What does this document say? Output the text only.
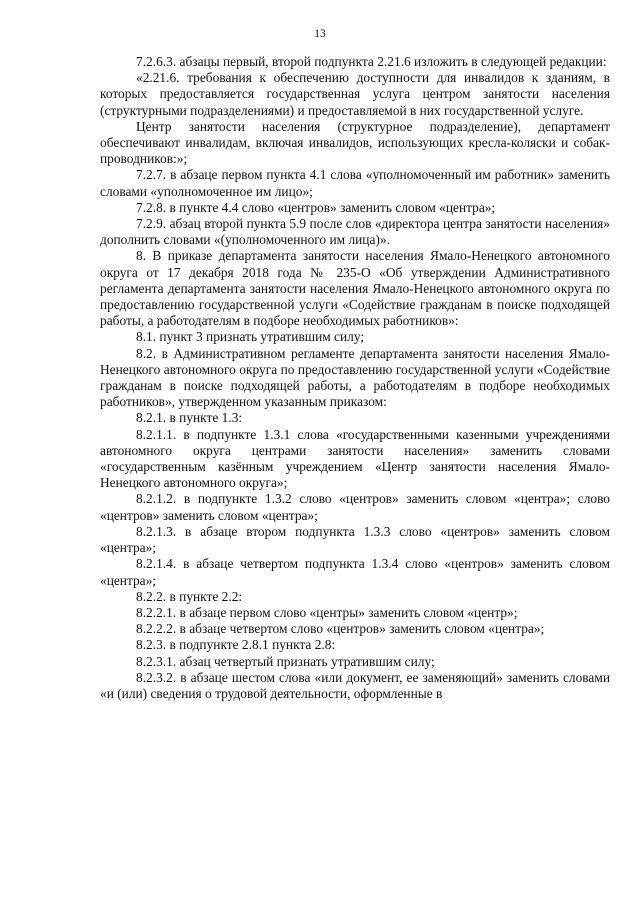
13

7.2.6.3. абзацы первый, второй подпункта 2.21.6 изложить в следующей редакции:

«2.21.6. требования к обеспечению доступности для инвалидов к зданиям, в которых предоставляется государственная услуга центром занятости населения (структурными подразделениями) и предоставляемой в них государственной услуге.

Центр занятости населения (структурное подразделение), департамент обеспечивают инвалидам, включая инвалидов, использующих кресла-коляски и собак-проводников:»;

7.2.7. в абзаце первом пункта 4.1 слова «уполномоченный им работник» заменить словами «уполномоченное им лицо»;

7.2.8. в пункте 4.4 слово «центров» заменить словом «центра»;

7.2.9. абзац второй пункта 5.9 после слов «директора центра занятости населения» дополнить словами «(уполномоченного им лица)».

8. В приказе департамента занятости населения Ямало-Ненецкого автономного округа от 17 декабря 2018 года № 235-О «Об утверждении Административного регламента департамента занятости населения Ямало-Ненецкого автономного округа по предоставлению государственной услуги «Содействие гражданам в поиске подходящей работы, а работодателям в подборе необходимых работников»:

8.1. пункт 3 признать утратившим силу;

8.2. в Административном регламенте департамента занятости населения Ямало-Ненецкого автономного округа по предоставлению государственной услуги «Содействие гражданам в поиске подходящей работы, а работодателям в подборе необходимых работников», утвержденном указанным приказом:

8.2.1. в пункте 1.3:

8.2.1.1. в подпункте 1.3.1 слова «государственными казенными учреждениями автономного округа центрами занятости населения» заменить словами «государственным казённым учреждением «Центр занятости населения Ямало-Ненецкого автономного округа»;

8.2.1.2. в подпункте 1.3.2 слово «центров» заменить словом «центра»; слово «центров» заменить словом «центра»;

8.2.1.3. в абзаце втором подпункта 1.3.3 слово «центров» заменить словом «центра»;

8.2.1.4. в абзаце четвертом подпункта 1.3.4 слово «центров» заменить словом «центра»;

8.2.2. в пункте 2.2:

8.2.2.1. в абзаце первом слово «центры» заменить словом «центр»;

8.2.2.2. в абзаце четвертом слово «центров» заменить словом «центра»;

8.2.3. в подпункте 2.8.1 пункта 2.8:

8.2.3.1. абзац четвертый признать утратившим силу;

8.2.3.2. в абзаце шестом слова «или документ, ее заменяющий» заменить словами «и (или) сведения о трудовой деятельности, оформленные в
